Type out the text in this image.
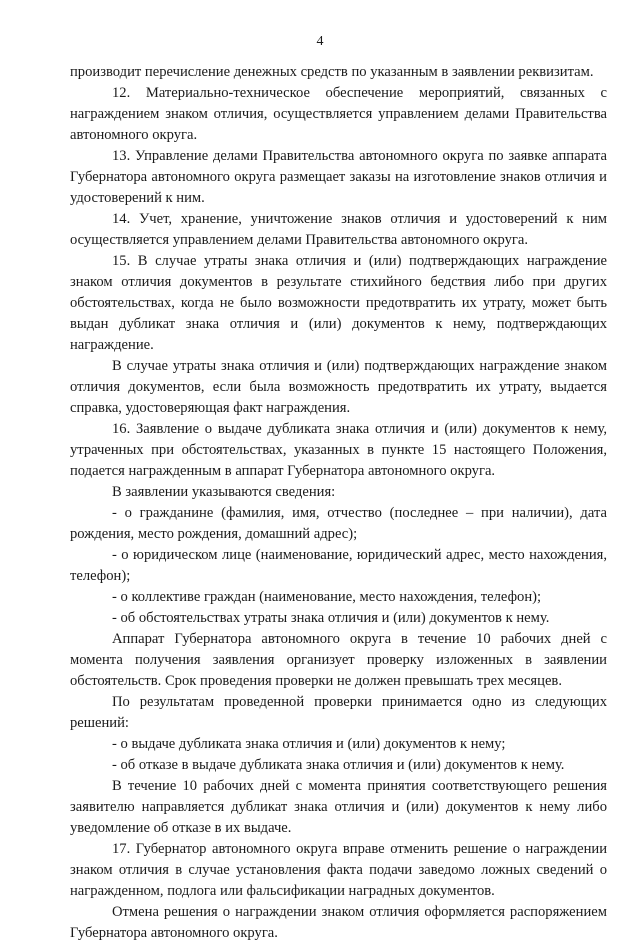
4

производит перечисление денежных средств по указанным в заявлении реквизитам.

12. Материально-техническое обеспечение мероприятий, связанных с награждением знаком отличия, осуществляется управлением делами Правительства автономного округа.

13. Управление делами Правительства автономного округа по заявке аппарата Губернатора автономного округа размещает заказы на изготовление знаков отличия и удостоверений к ним.

14. Учет, хранение, уничтожение знаков отличия и удостоверений к ним осуществляется управлением делами Правительства автономного округа.

15. В случае утраты знака отличия и (или) подтверждающих награждение знаком отличия документов в результате стихийного бедствия либо при других обстоятельствах, когда не было возможности предотвратить их утрату, может быть выдан дубликат знака отличия и (или) документов к нему, подтверждающих награждение.

В случае утраты знака отличия и (или) подтверждающих награждение знаком отличия документов, если была возможность предотвратить их утрату, выдается справка, удостоверяющая факт награждения.

16. Заявление о выдаче дубликата знака отличия и (или) документов к нему, утраченных при обстоятельствах, указанных в пункте 15 настоящего Положения, подается награжденным в аппарат Губернатора автономного округа.

В заявлении указываются сведения:

- о гражданине (фамилия, имя, отчество (последнее – при наличии), дата рождения, место рождения, домашний адрес);

- о юридическом лице (наименование, юридический адрес, место нахождения, телефон);

- о коллективе граждан (наименование, место нахождения, телефон);

- об обстоятельствах утраты знака отличия и (или) документов к нему.

Аппарат Губернатора автономного округа в течение 10 рабочих дней с момента получения заявления организует проверку изложенных в заявлении обстоятельств. Срок проведения проверки не должен превышать трех месяцев.

По результатам проведенной проверки принимается одно из следующих решений:

- о выдаче дубликата знака отличия и (или) документов к нему;

- об отказе в выдаче дубликата знака отличия и (или) документов к нему.

В течение 10 рабочих дней с момента принятия соответствующего решения заявителю направляется дубликат знака отличия и (или) документов к нему либо уведомление об отказе в их выдаче.

17. Губернатор автономного округа вправе отменить решение о награждении знаком отличия в случае установления факта подачи заведомо ложных сведений о награжденном, подлога или фальсификации наградных документов.

Отмена решения о награждении знаком отличия оформляется распоряжением Губернатора автономного округа.
